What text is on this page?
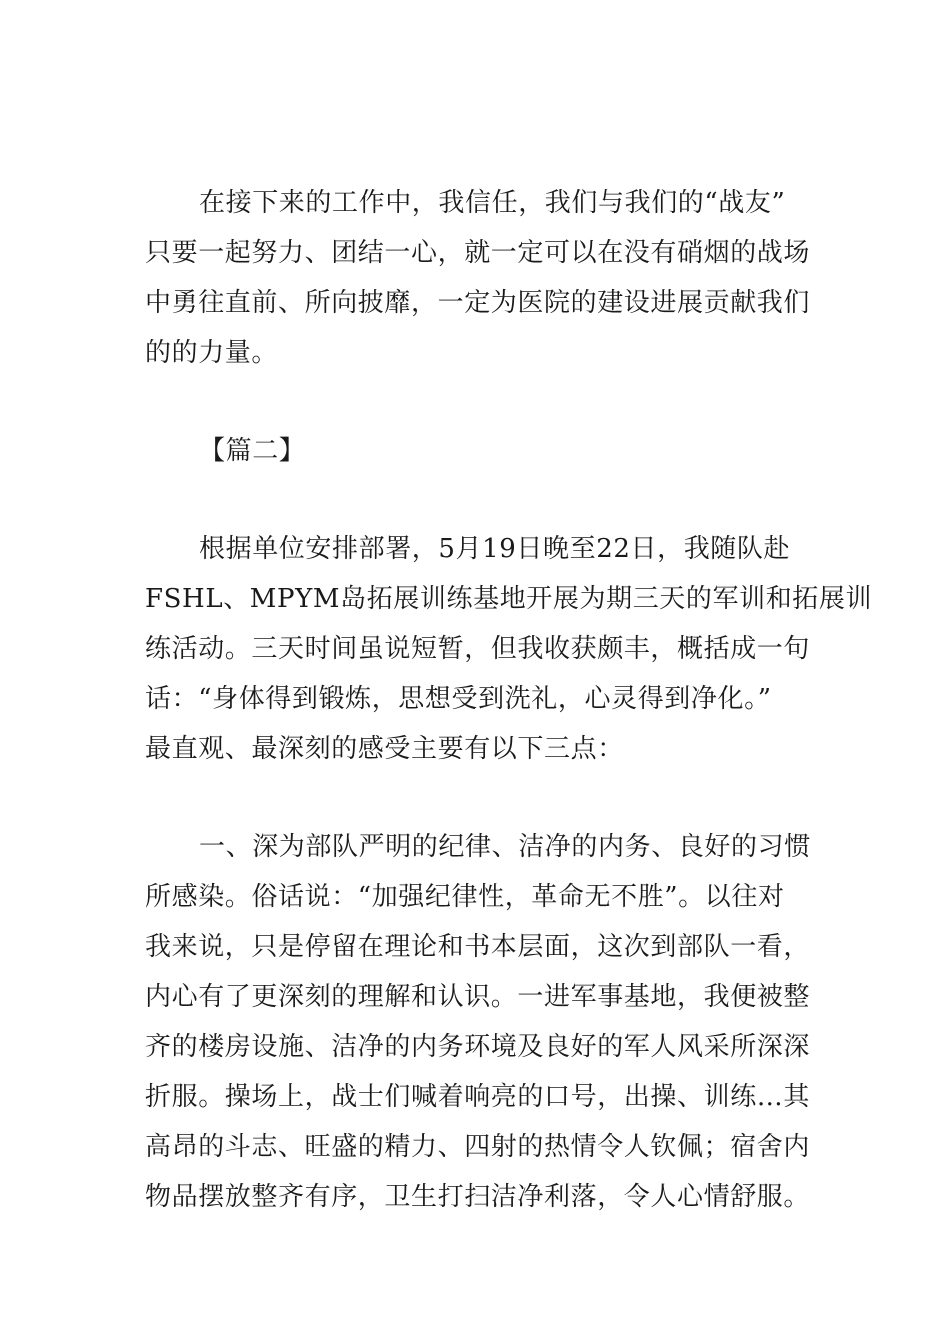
在接下来的工作中，我信任，我们与我们的“战友”
只要一起努力、团结一心，就一定可以在没有硝烟的战场
中勇往直前、所向披靡，一定为医院的建设进展贡献我们
的的力量。
【篇二】
根据单位安排部署，5月19日晚至22日，我随队赴
FSHL、MPYM岛拓展训练基地开展为期三天的军训和拓展训
练活动。三天时间虽说短暂，但我收获颇丰，概括成一句
话：“身体得到锻炼，思想受到洗礼，心灵得到净化。”
最直观、最深刻的感受主要有以下三点：
一、深为部队严明的纪律、洁净的内务、良好的习惯
所感染。俗话说：“加强纪律性，革命无不胜”。以往对
我来说，只是停留在理论和书本层面，这次到部队一看，
内心有了更深刻的理解和认识。一进军事基地，我便被整
齐的楼房设施、洁净的内务环境及良好的军人风采所深深
折服。操场上，战士们喊着响亮的口号，出操、训练…其
高昂的斗志、旺盛的精力、四射的热情令人钦佩；宿舍内
物品摆放整齐有序，卫生打扫洁净利落，令人心情舒服。
